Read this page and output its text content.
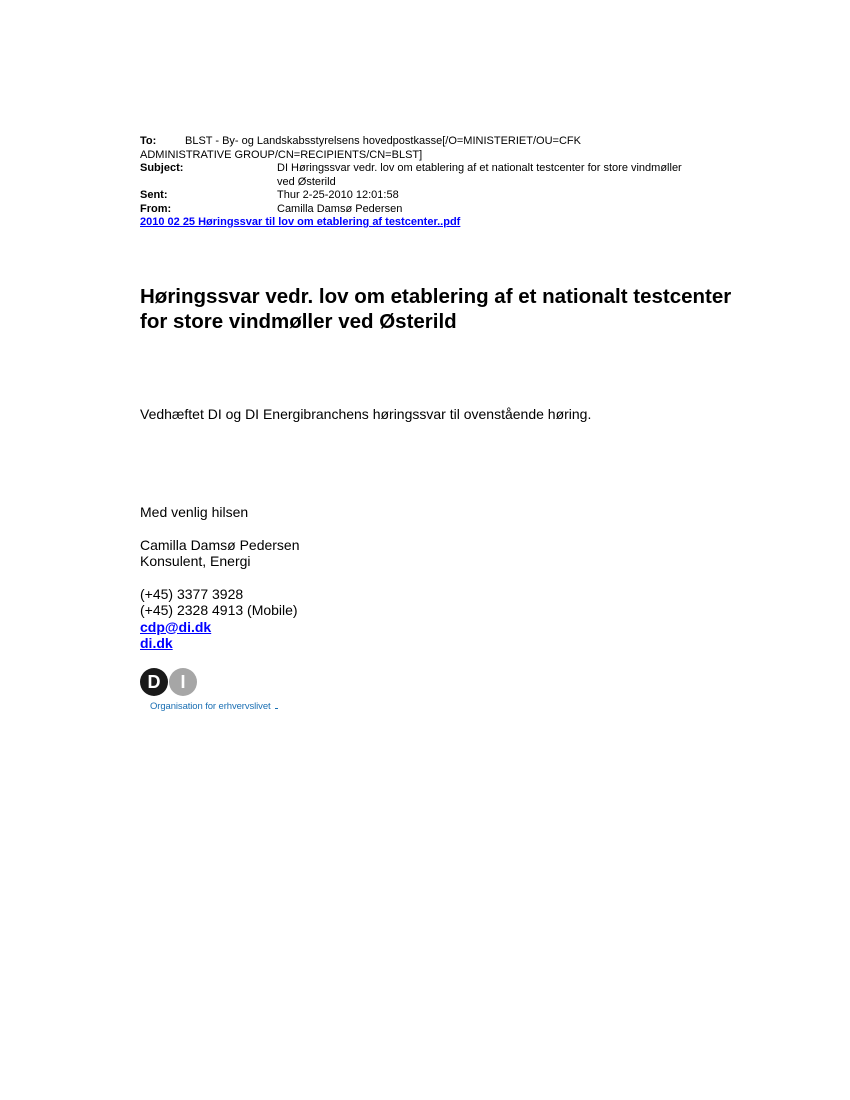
To:	BLST - By- og Landskabsstyrelsens hovedpostkasse[/O=MINISTERIET/OU=CFK
ADMINISTRATIVE GROUP/CN=RECIPIENTS/CN=BLST]
Subject:	DI Høringssvar vedr. lov om etablering af et nationalt testcenter for store vindmøller ved Østerild
Sent:	Thur 2-25-2010 12:01:58
From:	Camilla Damsø Pedersen
2010 02 25 Høringssvar til lov om etablering af testcenter..pdf
Høringssvar vedr. lov om etablering af et nationalt testcenter for store vindmøller ved Østerild

Vedhæftet DI og DI Energibranchens høringssvar til ovenstående høring.

Med venlig hilsen
Camilla Damsø Pedersen
Konsulent, Energi
(+45) 3377 3928
(+45) 2328 4913 (Mobile)
cdp@di.dk
di.dk
D	I
Organisation for erhvervslivet
